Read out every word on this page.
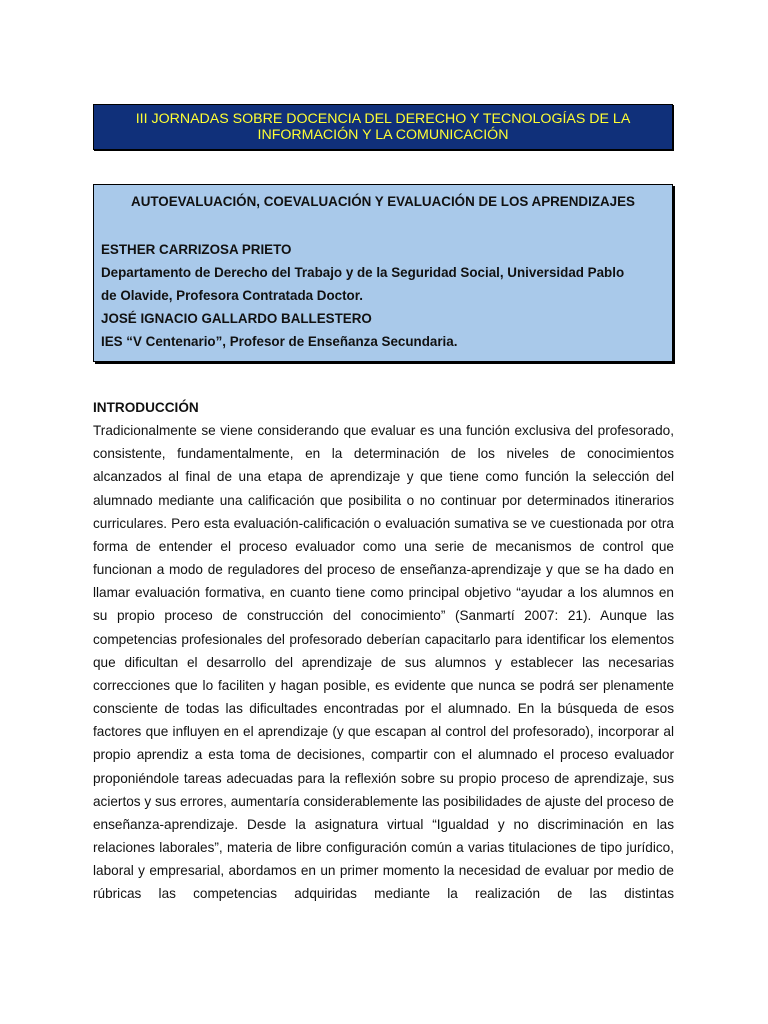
III JORNADAS SOBRE DOCENCIA DEL DERECHO Y TECNOLOGÍAS DE LA
INFORMACIÓN Y LA COMUNICACIÓN
AUTOEVALUACIÓN, COEVALUACIÓN Y EVALUACIÓN DE LOS APRENDIZAJES
ESTHER CARRIZOSA PRIETO
Departamento de Derecho del Trabajo y de la Seguridad Social, Universidad Pablo
de Olavide, Profesora Contratada Doctor.
JOSÉ IGNACIO GALLARDO BALLESTERO
IES “V Centenario”, Profesor de Enseñanza Secundaria.

INTRODUCCIÓN

Tradicionalmente se viene considerando que evaluar es una función exclusiva del profesorado, consistente, fundamentalmente, en la determinación de los niveles de conocimientos alcanzados al final de una etapa de aprendizaje y que tiene como función la selección del alumnado mediante una calificación que posibilita o no continuar por determinados itinerarios curriculares. Pero esta evaluación-calificación o evaluación sumativa se ve cuestionada por otra forma de entender el proceso evaluador como una serie de mecanismos de control que funcionan a modo de reguladores del proceso de enseñanza-aprendizaje y que se ha dado en llamar evaluación formativa, en cuanto tiene como principal objetivo “ayudar a los alumnos en su propio proceso de construcción del conocimiento” (Sanmartí 2007: 21). Aunque las competencias profesionales del profesorado deberían capacitarlo para identificar los elementos que dificultan el desarrollo del aprendizaje de sus alumnos y establecer las necesarias correcciones que lo faciliten y hagan posible, es evidente que nunca se podrá ser plenamente consciente de todas las dificultades encontradas por el alumnado. En la búsqueda de esos factores que influyen en el aprendizaje (y que escapan al control del profesorado), incorporar al propio aprendiz a esta toma de decisiones, compartir con el alumnado el proceso evaluador proponiéndole tareas adecuadas para la reflexión sobre su propio proceso de aprendizaje, sus aciertos y sus errores, aumentaría considerablemente las posibilidades de ajuste del proceso de enseñanza-aprendizaje. Desde la asignatura virtual “Igualdad y no discriminación en las relaciones laborales”, materia de libre configuración común a varias titulaciones de tipo jurídico, laboral y empresarial, abordamos en un primer momento la necesidad de evaluar por medio de rúbricas las competencias adquiridas mediante la realización de las distintas
